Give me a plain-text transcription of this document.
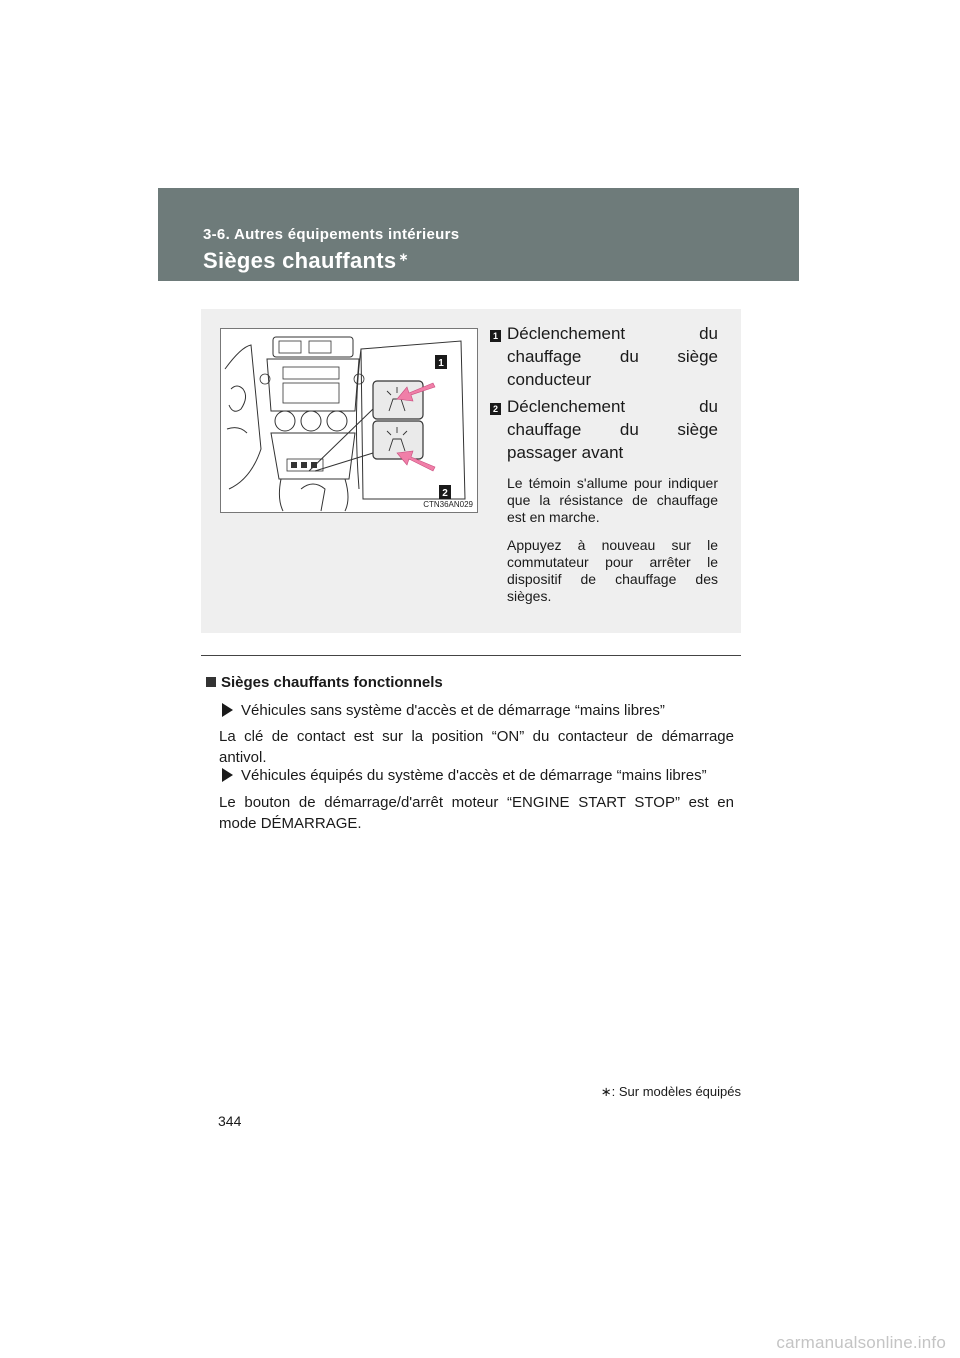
3-6. Autres équipements intérieurs
Sièges chauffants ∗
1
2
CTN36AN029
1 Déclenchement du chauffage du siège conducteur
2 Déclenchement du chauffage du siège passager avant
Le témoin s'allume pour indiquer que la résistance de chauffage est en marche.
Appuyez à nouveau sur le commutateur pour arrêter le dispositif de chauffage des sièges.
Sièges chauffants fonctionnels
Véhicules sans système d'accès et de démarrage “mains libres”
La clé de contact est sur la position “ON” du contacteur de démarrage antivol.
Véhicules équipés du système d'accès et de démarrage “mains libres”
Le bouton de démarrage/d'arrêt moteur “ENGINE START STOP” est en mode DÉMARRAGE.
∗: Sur modèles équipés
344
carmanualsonline.info
